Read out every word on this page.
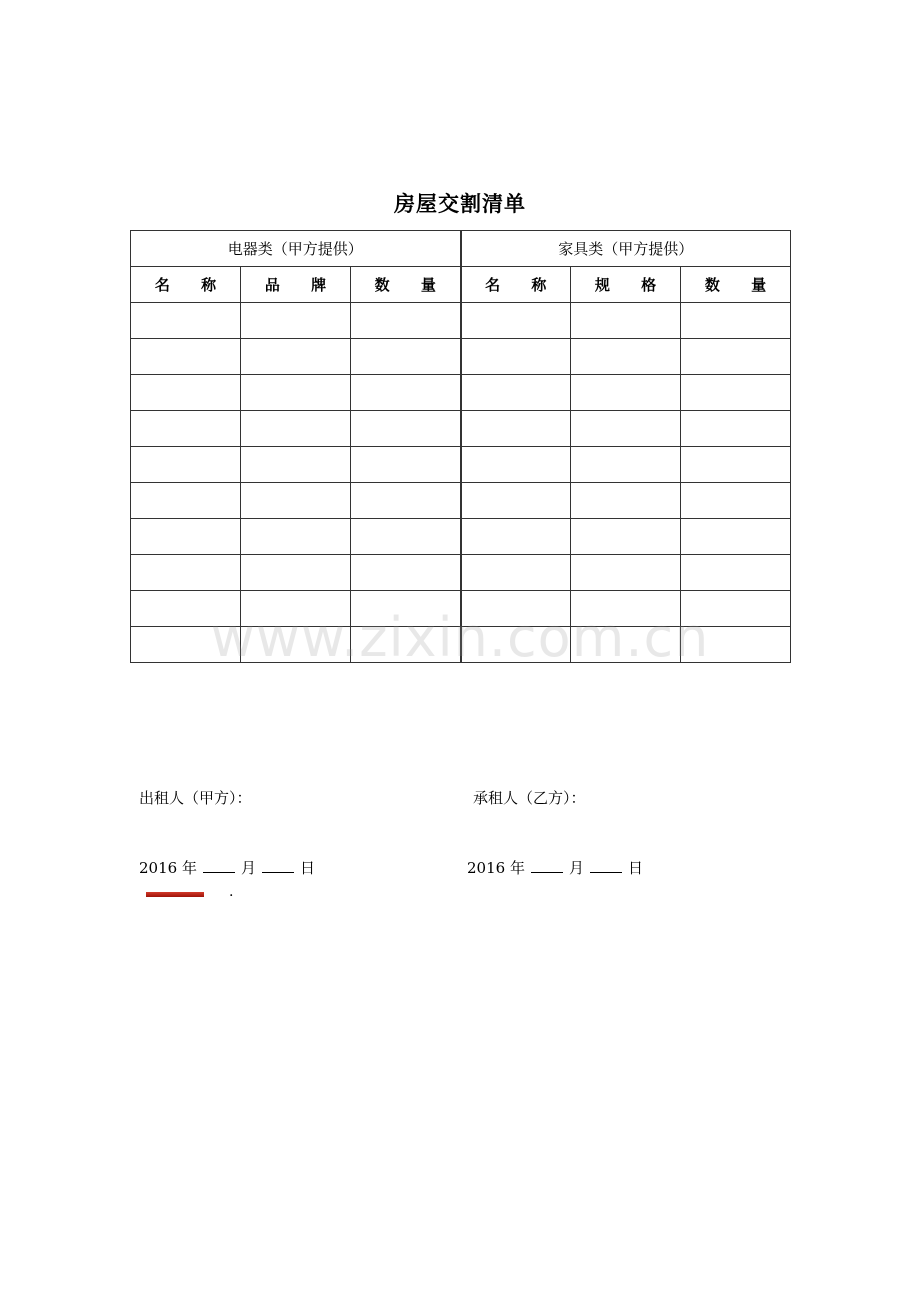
房屋交割清单
电器类（甲方提供）			家具类（甲方提供）		
名 称	品 牌	数 量	名 称	规 格	数 量

www.zixin.com.cn
出租人（甲方）：	承租人（乙方）：
2016 年	月	日	2016 年	月	日
.
